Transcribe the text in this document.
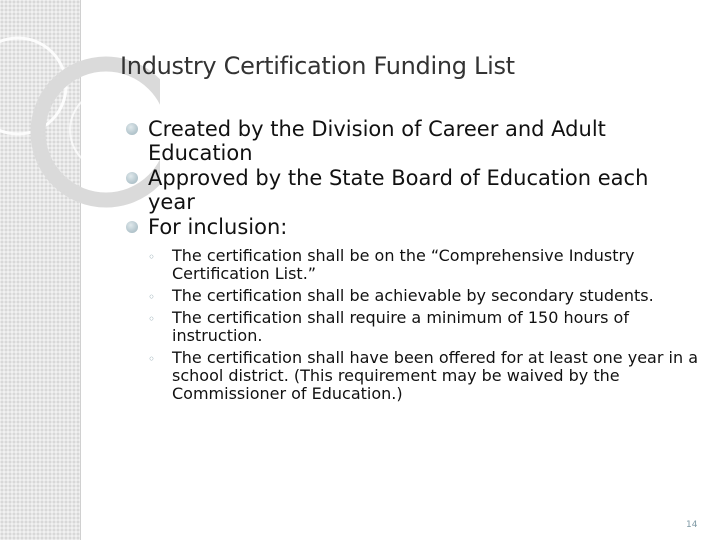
Industry Certification Funding List
Created by the Division of Career and Adult Education
Approved by the State Board of Education each year
For inclusion:
◦ The certification shall be on the “Comprehensive Industry Certification List.”
◦ The certification shall be achievable by secondary students.
◦ The certification shall require a minimum of 150 hours of instruction.
◦ The certification shall have been offered for at least one year in a school district. (This requirement may be waived by the Commissioner of Education.)
14
